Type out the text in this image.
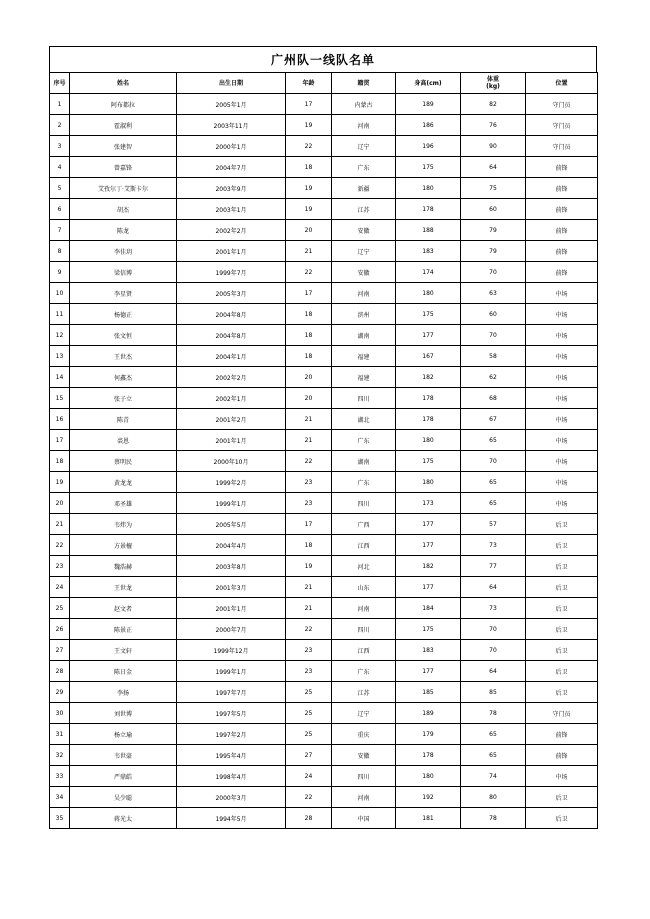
广州队一线队名单
序号	姓名	出生日期	年龄	籍贯	身高(cm)	体重
(kg)	位置
1	阿布都拉	2005年1月	17	内蒙古	189	82	守门员
2	霍淑利	2003年11月	19	河南	186	76	守门员
3	张建智	2000年1月	22	辽宁	196	90	守门员
4	曾嘉锋	2004年7月	18	广东	175	64	前锋
5	艾孜尔丁·艾斯卡尔	2003年9月	19	新疆	180	75	前锋
6	胡杰	2003年1月	19	江苏	178	60	前锋
7	陈龙	2002年2月	20	安徽	188	79	前锋
8	李佳玥	2001年1月	21	辽宁	183	79	前锋
9	梁信博	1999年7月	22	安徽	174	70	前锋
10	李星贤	2005年3月	17	河南	180	63	中场
11	杨德正	2004年8月	18	滨州	175	60	中场
12	张文恒	2004年8月	18	湖南	177	70	中场
13	王世杰	2004年1月	18	福建	167	58	中场
14	何鑫杰	2002年2月	20	福建	182	62	中场
15	张子立	2002年1月	20	四川	178	68	中场
16	陈青	2001年2月	21	湖北	178	67	中场
17	裘恩	2001年1月	21	广东	180	65	中场
18	蔡明民	2000年10月	22	湖南	175	70	中场
19	黄龙龙	1999年2月	23	广东	180	65	中场
20	邓圣雄	1999年1月	23	四川	173	65	中场
21	韦炜为	2005年5月	17	广西	177	57	后卫
22	方景檀	2004年4月	18	江西	177	73	后卫
23	魏浩赫	2003年8月	19	河北	182	77	后卫
24	王世龙	2001年3月	21	山东	177	64	后卫
25	赵文者	2001年1月	21	河南	184	73	后卫
26	陈景正	2000年7月	22	四川	175	70	后卫
27	王文轩	1999年12月	23	江西	183	70	后卫
28	陈日金	1999年1月	23	广东	177	64	后卫
29	李扬	1997年7月	25	江苏	185	85	后卫
30	刘世博	1997年5月	25	辽宁	189	78	守门员
31	杨立瑜	1997年2月	25	重庆	179	65	前锋
32	韦世豪	1995年4月	27	安徽	178	65	前锋
33	严鼎皓	1998年4月	24	四川	180	74	中场
34	吴少聪	2000年3月	22	河南	192	80	后卫
35	蒋光太	1994年5月	28	中国	181	78	后卫
